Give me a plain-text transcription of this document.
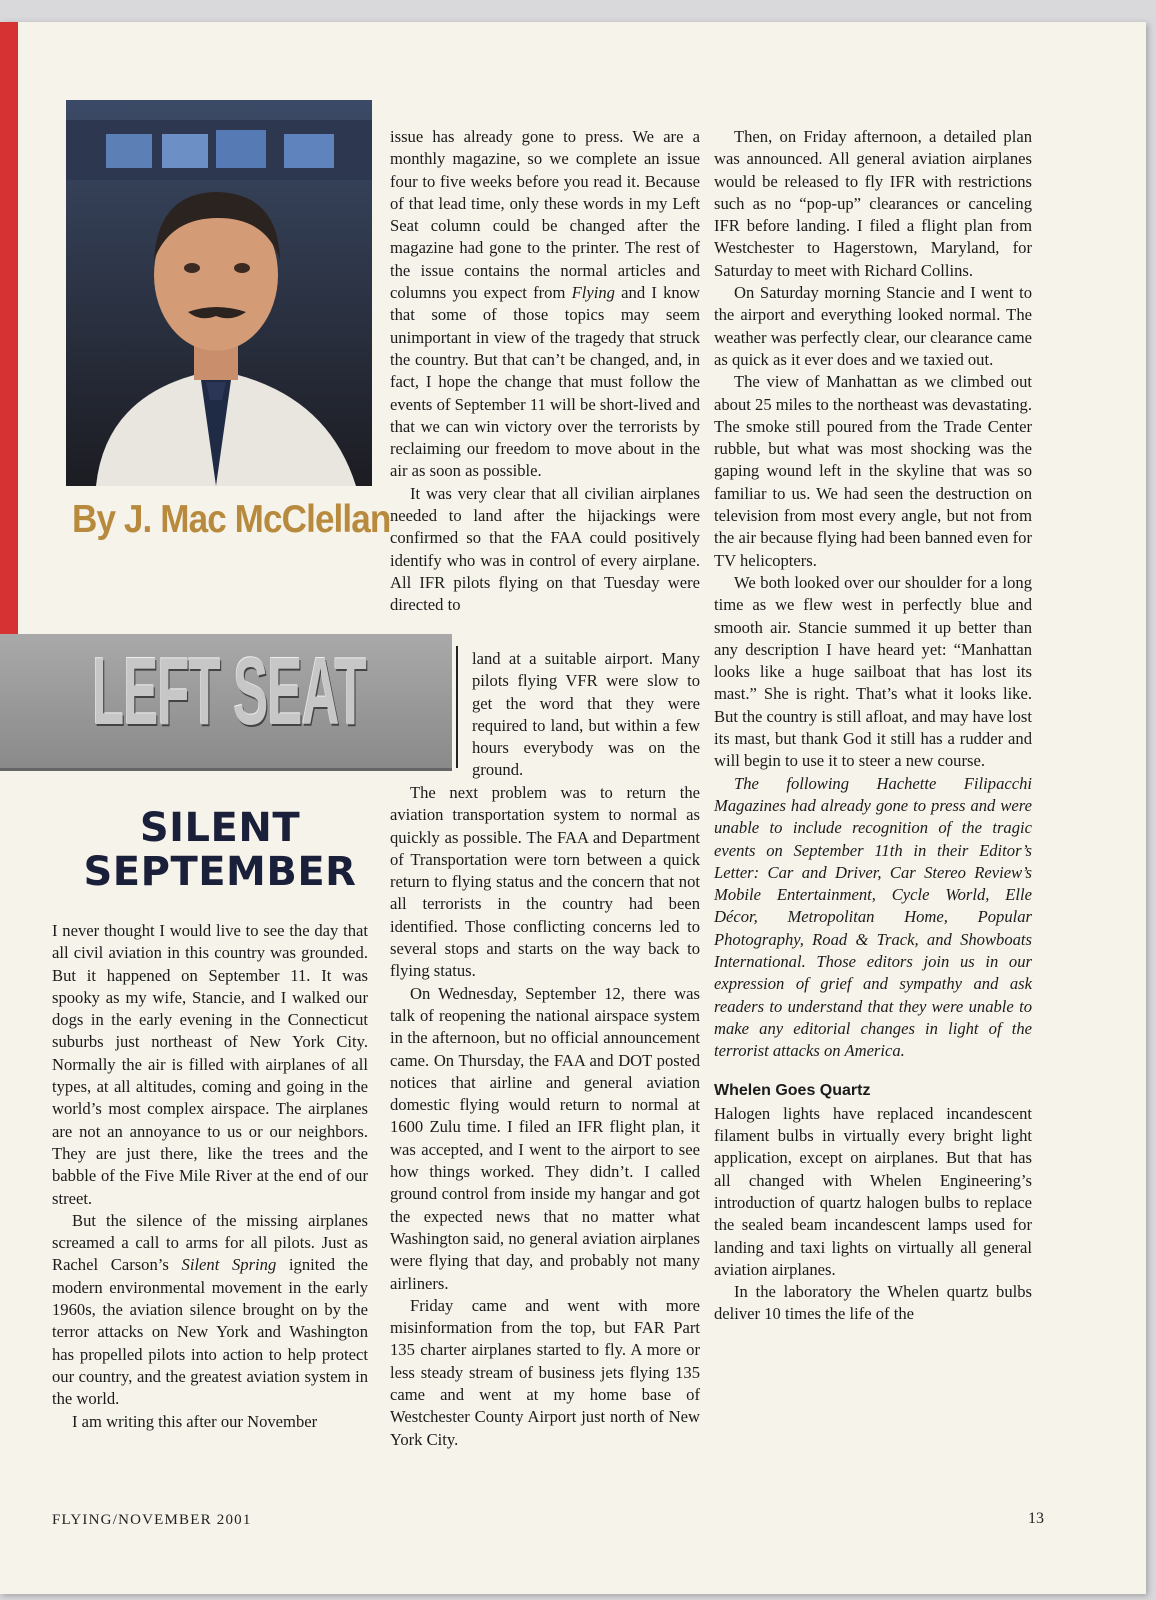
By J. Mac McClellan
LEFT SEAT
SILENT
SEPTEMBER

I never thought I would live to see the day that all civil aviation in this country was grounded. But it happened on September 11. It was spooky as my wife, Stancie, and I walked our dogs in the early evening in the Connecticut suburbs just northeast of New York City. Normally the air is filled with airplanes of all types, at all altitudes, coming and going in the world’s most complex airspace. The airplanes are not an annoyance to us or our neighbors. They are just there, like the trees and the babble of the Five Mile River at the end of our street.

But the silence of the missing airplanes screamed a call to arms for all pilots. Just as Rachel Carson’s Silent Spring ignited the modern environmental movement in the early 1960s, the aviation silence brought on by the terror attacks on New York and Washington has propelled pilots into action to help protect our country, and the greatest aviation system in the world.

I am writing this after our November

issue has already gone to press. We are a monthly magazine, so we complete an issue four to five weeks before you read it. Because of that lead time, only these words in my Left Seat column could be changed after the magazine had gone to the printer. The rest of the issue contains the normal articles and columns you expect from Flying and I know that some of those topics may seem unimportant in view of the tragedy that struck the country. But that can’t be changed, and, in fact, I hope the change that must follow the events of September 11 will be short-lived and that we can win victory over the terrorists by reclaiming our freedom to move about in the air as soon as possible.

It was very clear that all civilian airplanes needed to land after the hijackings were confirmed so that the FAA could positively identify who was in control of every airplane. All IFR pilots flying on that Tuesday were directed to

land at a suitable airport. Many pilots flying VFR were slow to get the word that they were required to land, but within a few hours everybody was on the ground.

The next problem was to return the aviation transportation system to normal as quickly as possible. The FAA and Department of Transportation were torn between a quick return to flying status and the concern that not all terrorists in the country had been identified. Those conflicting concerns led to several stops and starts on the way back to flying status.

On Wednesday, September 12, there was talk of reopening the national airspace system in the afternoon, but no official announcement came. On Thursday, the FAA and DOT posted notices that airline and general aviation domestic flying would return to normal at 1600 Zulu time. I filed an IFR flight plan, it was accepted, and I went to the airport to see how things worked. They didn’t. I called ground control from inside my hangar and got the expected news that no matter what Washington said, no general aviation airplanes were flying that day, and probably not many airliners.

Friday came and went with more misinformation from the top, but FAR Part 135 charter airplanes started to fly. A more or less steady stream of business jets flying 135 came and went at my home base of Westchester County Airport just north of New York City.

Then, on Friday afternoon, a detailed plan was announced. All general aviation airplanes would be released to fly IFR with restrictions such as no “pop-up” clearances or canceling IFR before landing. I filed a flight plan from Westchester to Hagerstown, Maryland, for Saturday to meet with Richard Collins.

On Saturday morning Stancie and I went to the airport and everything looked normal. The weather was perfectly clear, our clearance came as quick as it ever does and we taxied out.

The view of Manhattan as we climbed out about 25 miles to the northeast was devastating. The smoke still poured from the Trade Center rubble, but what was most shocking was the gaping wound left in the skyline that was so familiar to us. We had seen the destruction on television from most every angle, but not from the air because flying had been banned even for TV helicopters.

We both looked over our shoulder for a long time as we flew west in perfectly blue and smooth air. Stancie summed it up better than any description I have heard yet: “Manhattan looks like a huge sailboat that has lost its mast.” She is right. That’s what it looks like. But the country is still afloat, and may have lost its mast, but thank God it still has a rudder and will begin to use it to steer a new course.

The following Hachette Filipacchi Magazines had already gone to press and were unable to include recognition of the tragic events on September 11th in their Editor’s Letter: Car and Driver, Car Stereo Review’s Mobile Entertainment, Cycle World, Elle Décor, Metropolitan Home, Popular Photography, Road & Track, and Showboats International. Those editors join us in our expression of grief and sympathy and ask readers to understand that they were unable to make any editorial changes in light of the terrorist attacks on America.

Whelen Goes Quartz

Halogen lights have replaced incandescent filament bulbs in virtually every bright light application, except on airplanes. But that has all changed with Whelen Engineering’s introduction of quartz halogen bulbs to replace the sealed beam incandescent lamps used for landing and taxi lights on virtually all general aviation airplanes.

In the laboratory the Whelen quartz bulbs deliver 10 times the life of the

FLYING/NOVEMBER 2001	13
